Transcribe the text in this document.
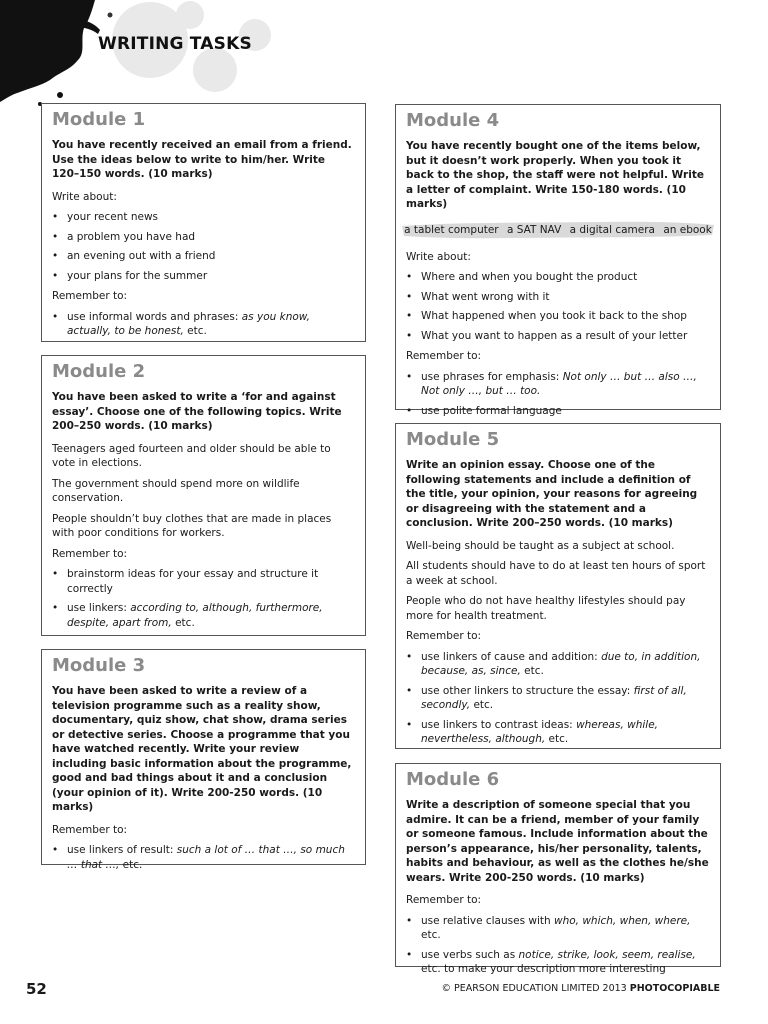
WRITING TASKS
Module 1
You have recently received an email from a friend. Use the ideas below to write to him/her. Write 120–150 words. (10 marks)
Write about:
• your recent news
• a problem you have had
• an evening out with a friend
• your plans for the summer
Remember to:
• use informal words and phrases: as you know, actually, to be honest, etc.
Module 2
You have been asked to write a ‘for and against essay’. Choose one of the following topics. Write 200–250 words. (10 marks)
Teenagers aged fourteen and older should be able to vote in elections.
The government should spend more on wildlife conservation.
People shouldn’t buy clothes that are made in places with poor conditions for workers.
Remember to:
• brainstorm ideas for your essay and structure it correctly
• use linkers: according to, although, furthermore, despite, apart from, etc.
Module 3
You have been asked to write a review of a television programme such as a reality show, documentary, quiz show, chat show, drama series or detective series. Choose a programme that you have watched recently. Write your review including basic information about the programme, good and bad things about it and a conclusion (your opinion of it). Write 200-250 words. (10 marks)
Remember to:
• use linkers of result: such a lot of … that …, so much … that …, etc.
Module 4
You have recently bought one of the items below, but it doesn’t work properly. When you took it back to the shop, the staff were not helpful. Write a letter of complaint. Write 150-180 words. (10 marks)
a tablet computer a SAT NAV a digital camera an ebook
Write about:
• Where and when you bought the product
• What went wrong with it
• What happened when you took it back to the shop
• What you want to happen as a result of your letter
Remember to:
• use phrases for emphasis: Not only … but … also …, Not only …, but … too.
• use polite formal language
Module 5
Write an opinion essay. Choose one of the following statements and include a definition of the title, your opinion, your reasons for agreeing or disagreeing with the statement and a conclusion. Write 200–250 words. (10 marks)
Well-being should be taught as a subject at school.
All students should have to do at least ten hours of sport a week at school.
People who do not have healthy lifestyles should pay more for health treatment.
Remember to:
• use linkers of cause and addition: due to, in addition, because, as, since, etc.
• use other linkers to structure the essay: first of all, secondly, etc.
• use linkers to contrast ideas: whereas, while, nevertheless, although, etc.
Module 6
Write a description of someone special that you admire. It can be a friend, member of your family or someone famous. Include information about the person’s appearance, his/her personality, talents, habits and behaviour, as well as the clothes he/she wears. Write 200-250 words. (10 marks)
Remember to:
• use relative clauses with who, which, when, where, etc.
• use verbs such as notice, strike, look, seem, realise, etc. to make your description more interesting
52	© PEARSON EDUCATION LIMITED 2013 PHOTOCOPIABLE
